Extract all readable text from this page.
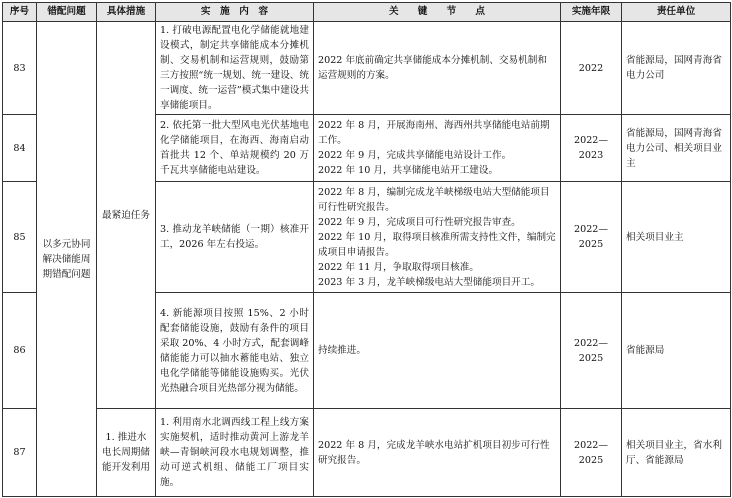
序号	错配问题	具体措施	实　施　内　容	关　　键　　节　　点	实施年限	责任单位
83	以多元协同解决储能周期错配问题	最紧迫任务	1. 打破电源配置电化学储能就地建设模式，制定共享储能成本分摊机制、交易机制和运营规则，鼓励第三方按照“统一规划、统一建设、统一调度、统一运营”模式集中建设共享储能项目。	2022 年底前确定共享储能成本分摊机制、交易机制和运营规则的方案。	2022	省能源局，国网青海省电力公司
84			2. 依托第一批大型风电光伏基地电化学储能项目，在海西、海南启动首批共 12 个、单站规模约 20 万千瓦共享储能电站建设。	2022 年 8 月，开展海南州、海西州共享储能电站前期工作。
2022 年 9 月，完成共享储能电站设计工作。
2022 年 10 月，共享储能电站开工建设。	2022—2023	省能源局，国网青海省电力公司、相关项目业主
85			3. 推动龙羊峡储能（一期）核准开工，2026 年左右投运。	2022 年 8 月，编制完成龙羊峡梯级电站大型储能项目可行性研究报告。
2022 年 9 月，完成项目可行性研究报告审查。
2022 年 10 月，取得项目核准所需支持性文件，编制完成项目申请报告。
2022 年 11 月，争取取得项目核准。
2023 年 3 月，龙羊峡梯级电站大型储能项目开工。	2022—2025	相关项目业主
86			4. 新能源项目按照 15%、2 小时配套储能设施，鼓励有条件的项目采取 20%、4 小时方式，配套调峰储能能力可以抽水蓄能电站、独立电化学储能等储能设施购买。光伏光热融合项目光热部分视为储能。	持续推进。	2022—2025	省能源局
87		1. 推进水电长周期储能开发利用	1. 利用南水北调西线工程上线方案实施契机，适时推动黄河上游龙羊峡—青铜峡河段水电规划调整，推动可逆式机组、储能工厂项目实施。	2022 年 8 月，完成龙羊峡水电站扩机项目初步可行性研究报告。	2022—2025	相关项目业主，省水利厅、省能源局
